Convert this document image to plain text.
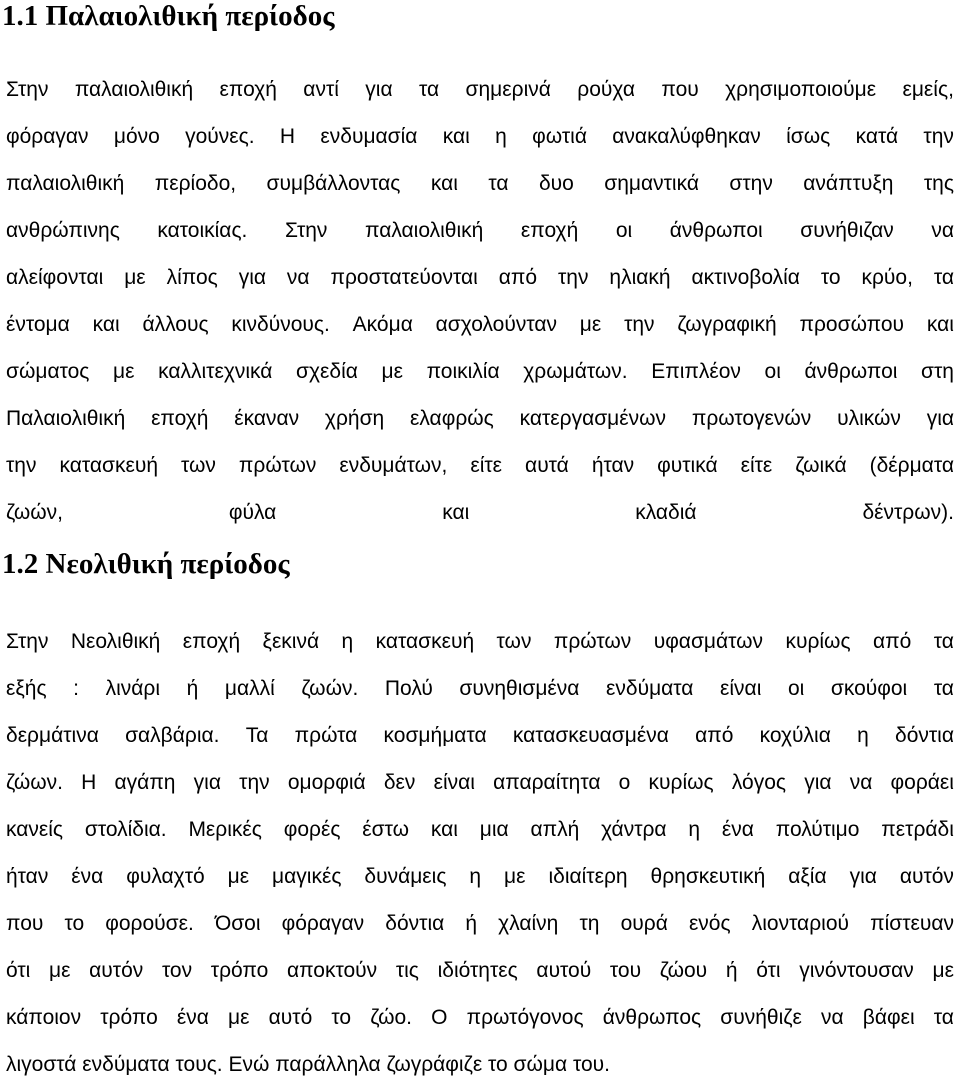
1.1 Παλαιολιθική περίοδος
Στην παλαιολιθική εποχή αντί για τα σημερινά ρούχα που χρησιμοποιούμε εμείς,
φόραγαν μόνο γούνες. Η ενδυμασία και η φωτιά ανακαλύφθηκαν ίσως κατά την
παλαιολιθική περίοδο, συμβάλλοντας και τα δυο σημαντικά στην ανάπτυξη της
ανθρώπινης κατοικίας. Στην παλαιολιθική εποχή οι άνθρωποι συνήθιζαν να
αλείφονται με λίπος για να προστατεύονται από την ηλιακή ακτινοβολία το κρύο, τα
έντομα και άλλους κινδύνους. Ακόμα ασχολούνταν με την ζωγραφική προσώπου και
σώματος με καλλιτεχνικά σχεδία με ποικιλία χρωμάτων. Επιπλέον οι άνθρωποι στη
Παλαιολιθική εποχή έκαναν χρήση ελαφρώς κατεργασμένων πρωτογενών υλικών για
την κατασκευή των πρώτων ενδυμάτων, είτε αυτά ήταν φυτικά είτε ζωικά (δέρματα
ζωών,	φύλα	και	κλαδιά	δέντρων).
1.2 Νεολιθική περίοδος
Στην Νεολιθική εποχή ξεκινά η κατασκευή των πρώτων υφασμάτων κυρίως από τα
εξής : λινάρι ή μαλλί ζωών. Πολύ συνηθισμένα ενδύματα είναι οι σκούφοι τα
δερμάτινα σαλβάρια. Τα πρώτα κοσμήματα κατασκευασμένα από κοχύλια η δόντια
ζώων. Η αγάπη για την ομορφιά δεν είναι απαραίτητα ο κυρίως λόγος για να φοράει
κανείς στολίδια. Μερικές φορές έστω και μια απλή χάντρα η ένα πολύτιμο πετράδι
ήταν ένα φυλαχτό με μαγικές δυνάμεις η με ιδιαίτερη θρησκευτική αξία για αυτόν
που το φορούσε. Όσοι φόραγαν δόντια ή χλαίνη τη ουρά ενός λιονταριού πίστευαν
ότι με αυτόν τον τρόπο αποκτούν τις ιδιότητες αυτού του ζώου ή ότι γινόντουσαν με
κάποιον τρόπο ένα με αυτό το ζώο. Ο πρωτόγονος άνθρωπος συνήθιζε να βάφει τα
λιγοστά ενδύματα τους. Ενώ παράλληλα ζωγράφιζε το σώμα του.
